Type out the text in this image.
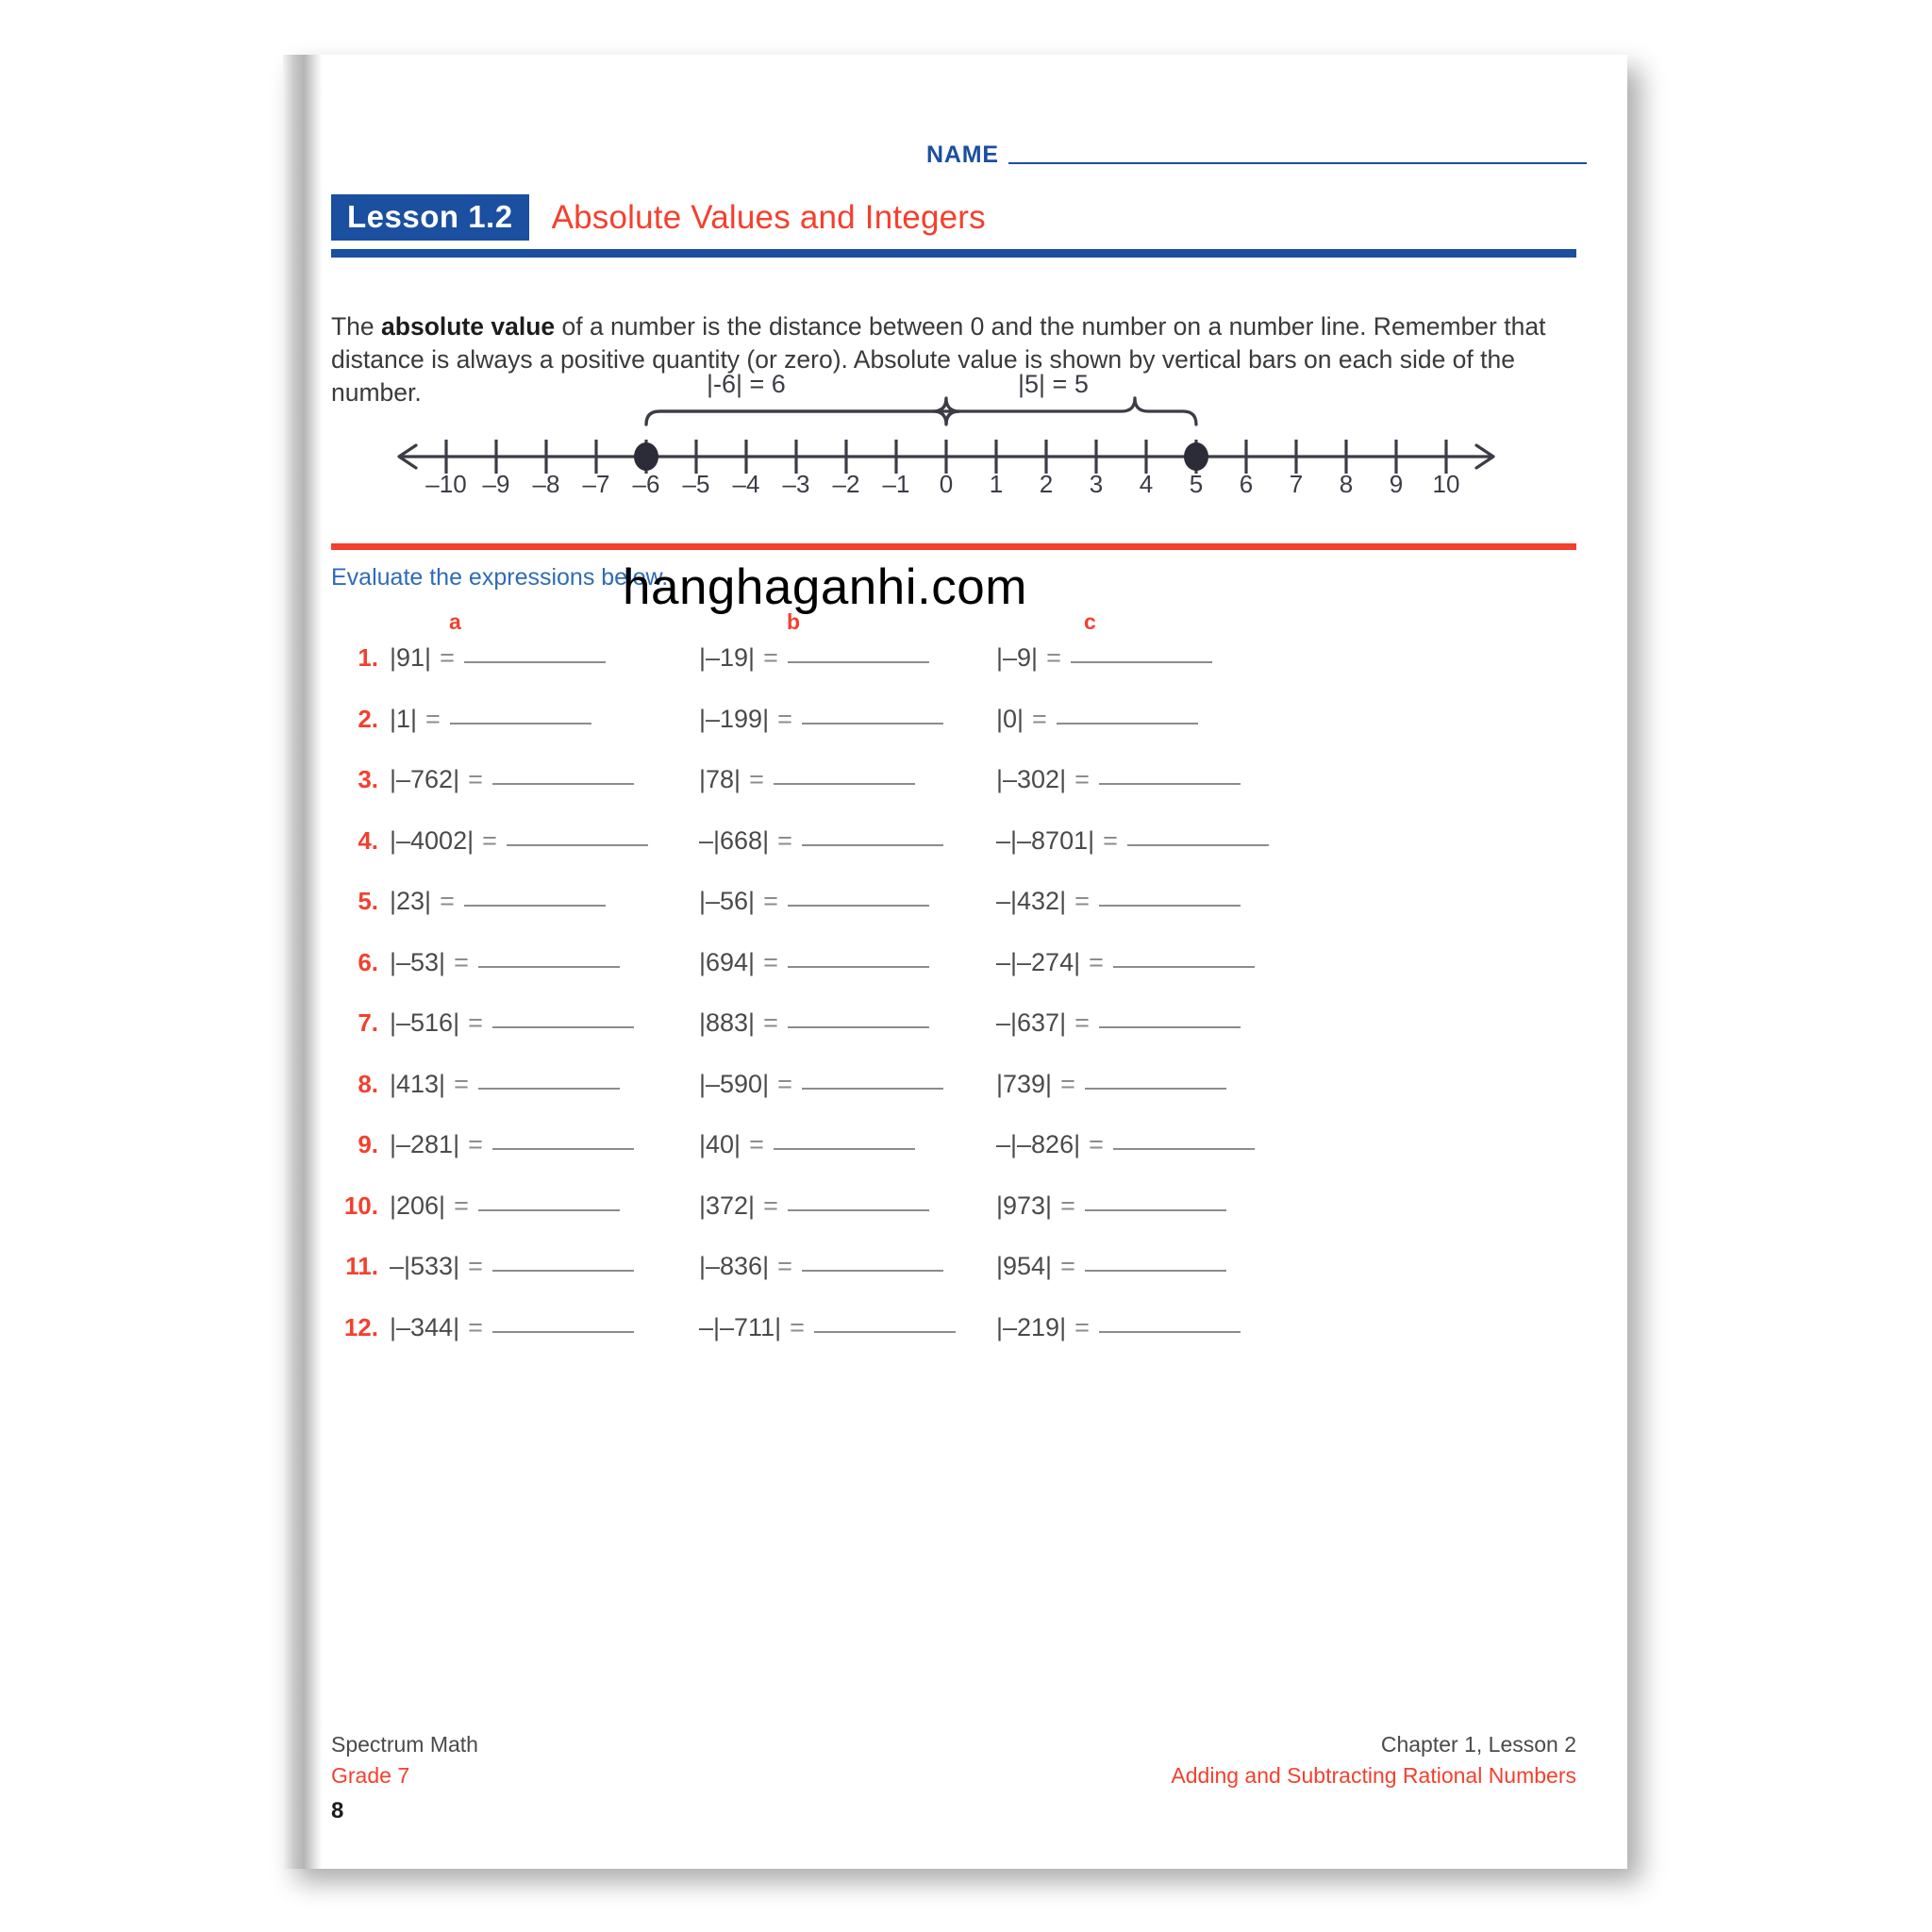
NAME
Lesson 1.2	Absolute Values and Integers

The absolute value of a number is the distance between 0 and the number on a number line. Remember that distance is always a positive quantity (or zero). Absolute value is shown by vertical bars on each side of the number.	|-6| = 6	|5| = 5
–10 –9 –8 –7 –6 –5 –4 –3 –2 –1	0	1	2	3	4	5	6	7	8	9	10
Evaluate the expressions below.
hanghaganhi.com
a	b	c
1. |91| =	|–19| =	|–9| =
2. |1| =	|–199| =	|0| =
3. |–762| =	|78| =	|–302| =
4. |–4002| =	–|668| =	–|–8701| =
5. |23| =	|–56| =	–|432| =
6. |–53| =	|694| =	–|–274| =
7. |–516| =	|883| =	–|637| =
8. |413| =	|–590| =	|739| =
9. |–281| =	|40| =	–|–826| =
10. |206| =	|372| =	|973| =
11. –|533| =	|–836| =	|954| =
12. |–344| =	–|–711| =	|–219| =
Spectrum Math
Grade 7
8
Chapter 1, Lesson 2
Adding and Subtracting Rational Numbers
